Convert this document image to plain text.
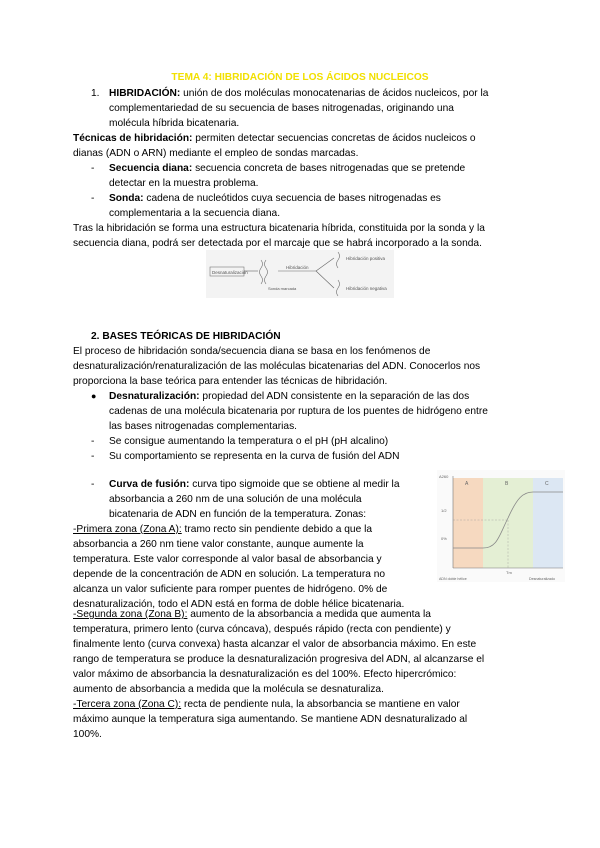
TEMA 4: HIBRIDACIÓN DE LOS ÁCIDOS NUCLEICOS

1. HIBRIDACIÓN: unión de dos moléculas monocatenarias de ácidos nucleicos, por la

complementariedad de su secuencia de bases nitrogenadas, originando una

molécula híbrida bicatenaria.

Técnicas de hibridación: permiten detectar secuencias concretas de ácidos nucleicos o

dianas (ADN o ARN) mediante el empleo de sondas marcadas.

- Secuencia diana: secuencia concreta de bases nitrogenadas que se pretende

detectar en la muestra problema.

- Sonda: cadena de nucleótidos cuya secuencia de bases nitrogenadas es

complementaria a la secuencia diana.

Tras la hibridación se forma una estructura bicatenaria híbrida, constituida por la sonda y la

secuencia diana, podrá ser detectada por el marcaje que se habrá incorporado a la sonda.

Desnaturalización
Sonda marcada
Hibridación
Hibridación positiva
Hibridación negativa

2. BASES TEÓRICAS DE HIBRIDACIÓN

El proceso de hibridación sonda/secuencia diana se basa en los fenómenos de

desnaturalización/renaturalización de las moléculas bicatenarias del ADN. Conocerlos nos

proporciona la base teórica para entender las técnicas de hibridación.

● Desnaturalización: propiedad del ADN consistente en la separación de las dos

cadenas de una molécula bicatenaria por ruptura de los puentes de hidrógeno entre

las bases nitrogenadas complementarias.

- Se consigue aumentando la temperatura o el pH (pH alcalino)

- Su comportamiento se representa en la curva de fusión del ADN

- Curva de fusión: curva tipo sigmoide que se obtiene al medir la

absorbancia a 260 nm de una solución de una molécula

bicatenaria de ADN en función de la temperatura. Zonas:

-Primera zona (Zona A): tramo recto sin pendiente debido a que la

absorbancia a 260 nm tiene valor constante, aunque aumente la

temperatura. Este valor corresponde al valor basal de absorbancia y

depende de la concentración de ADN en solución. La temperatura no

alcanza un valor suficiente para romper puentes de hidrógeno. 0% de

desnaturalización, todo el ADN está en forma de doble hélice bicatenaria.

-Segunda zona (Zona B): aumento de la absorbancia a medida que aumenta la

temperatura, primero lento (curva cóncava), después rápido (recta con pendiente) y

finalmente lento (curva convexa) hasta alcanzar el valor de absorbancia máximo. En este

rango de temperatura se produce la desnaturalización progresiva del ADN, al alcanzarse el

valor máximo de absorbancia la desnaturalización es del 100%. Efecto hipercrómico:

aumento de absorbancia a medida que la molécula se desnaturaliza.

-Tercera zona (Zona C): recta de pendiente nula, la absorbancia se mantiene en valor

máximo aunque la temperatura siga aumentando. Se mantiene ADN desnaturalizado al

100%.

A	B	C
A260
1/2
0%
Tm
ADN doble hélice	Desnaturalizado
